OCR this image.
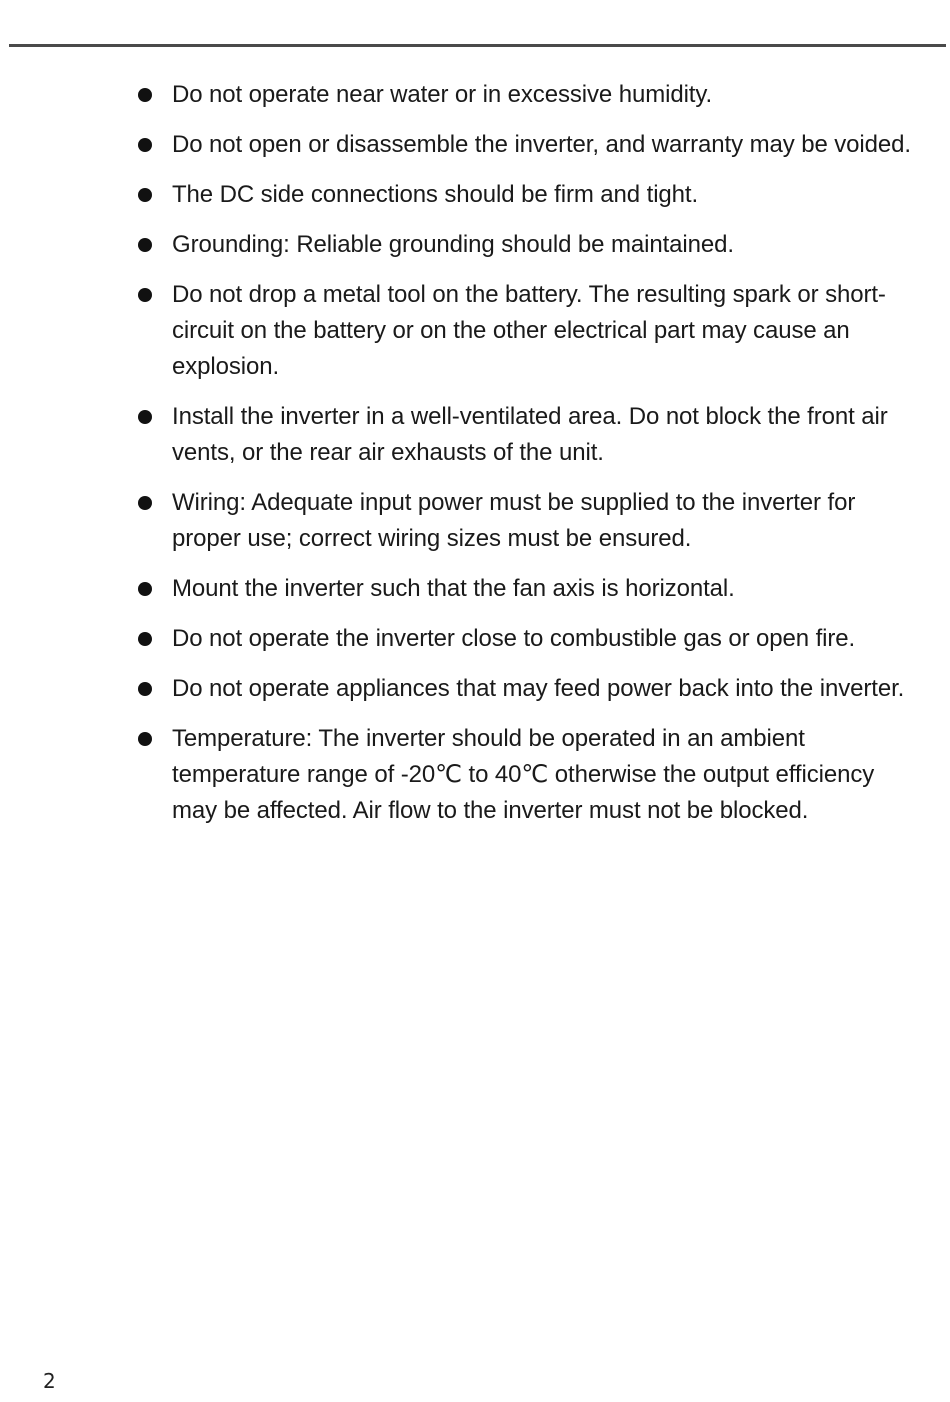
Do not operate near water or in excessive humidity.
Do not open or disassemble the inverter, and warranty may be voided.
The DC side connections should be firm and tight.
Grounding: Reliable grounding should be maintained.
Do not drop a metal tool on the battery. The resulting spark or short-circuit on the battery or on the other electrical part may cause an explosion.
Install the inverter in a well-ventilated area. Do not block the front air vents, or the rear air exhausts of the unit.
Wiring: Adequate input power must be supplied to the inverter for proper use; correct wiring sizes must be ensured.
Mount the inverter such that the fan axis is horizontal.
Do not operate the inverter close to combustible gas or open fire.
Do not operate appliances that may feed power back into the inverter.
Temperature: The inverter should be operated in an ambient temperature range of -20℃ to 40℃ otherwise the output efficiency may be affected. Air flow to the inverter must not be blocked.
2
